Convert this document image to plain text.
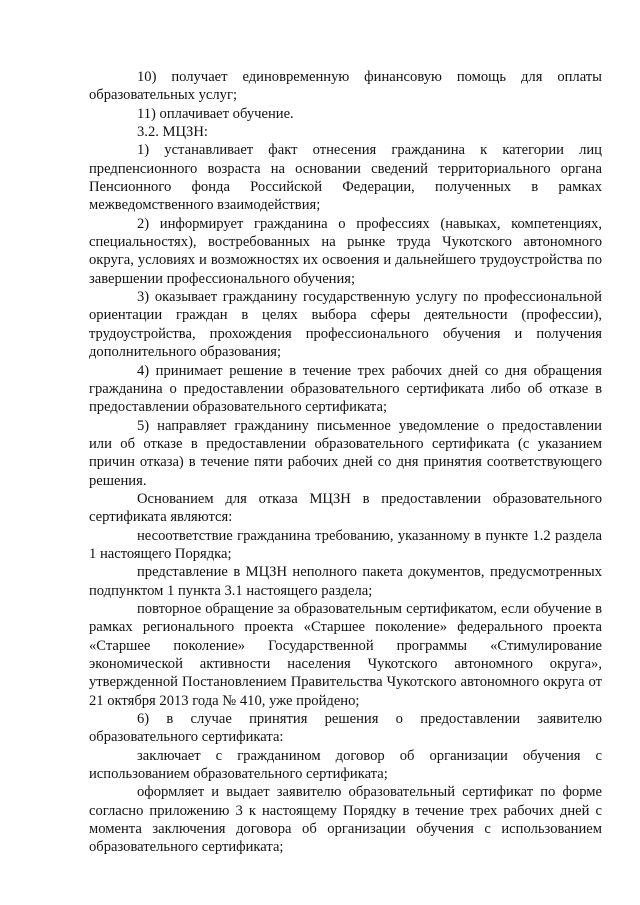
10) получает единовременную финансовую помощь для оплаты образовательных услуг;

11) оплачивает обучение.

3.2. МЦЗН:

1) устанавливает факт отнесения гражданина к категории лиц предпенсионного возраста на основании сведений территориального органа Пенсионного фонда Российской Федерации, полученных в рамках межведомственного взаимодействия;

2) информирует гражданина о профессиях (навыках, компетенциях, специальностях), востребованных на рынке труда Чукотского автономного округа, условиях и возможностях их освоения и дальнейшего трудоустройства по завершении профессионального обучения;

3) оказывает гражданину государственную услугу по профессиональной ориентации граждан в целях выбора сферы деятельности (профессии), трудоустройства, прохождения профессионального обучения и получения дополнительного образования;

4) принимает решение в течение трех рабочих дней со дня обращения гражданина о предоставлении образовательного сертификата либо об отказе в предоставлении образовательного сертификата;

5) направляет гражданину письменное уведомление о предоставлении или об отказе в предоставлении образовательного сертификата (с указанием причин отказа) в течение пяти рабочих дней со дня принятия соответствующего решения.

Основанием для отказа МЦЗН в предоставлении образовательного сертификата являются:

несоответствие гражданина требованию, указанному в пункте 1.2 раздела 1 настоящего Порядка;

представление в МЦЗН неполного пакета документов, предусмотренных подпунктом 1 пункта 3.1 настоящего раздела;

повторное обращение за образовательным сертификатом, если обучение в рамках регионального проекта «Старшее поколение» федерального проекта «Старшее поколение» Государственной программы «Стимулирование экономической активности населения Чукотского автономного округа», утвержденной Постановлением Правительства Чукотского автономного округа от 21 октября 2013 года № 410, уже пройдено;

6) в случае принятия решения о предоставлении заявителю образовательного сертификата:

заключает с гражданином договор об организации обучения с использованием образовательного сертификата;

оформляет и выдает заявителю образовательный сертификат по форме согласно приложению 3 к настоящему Порядку в течение трех рабочих дней с момента заключения договора об организации обучения с использованием образовательного сертификата;
